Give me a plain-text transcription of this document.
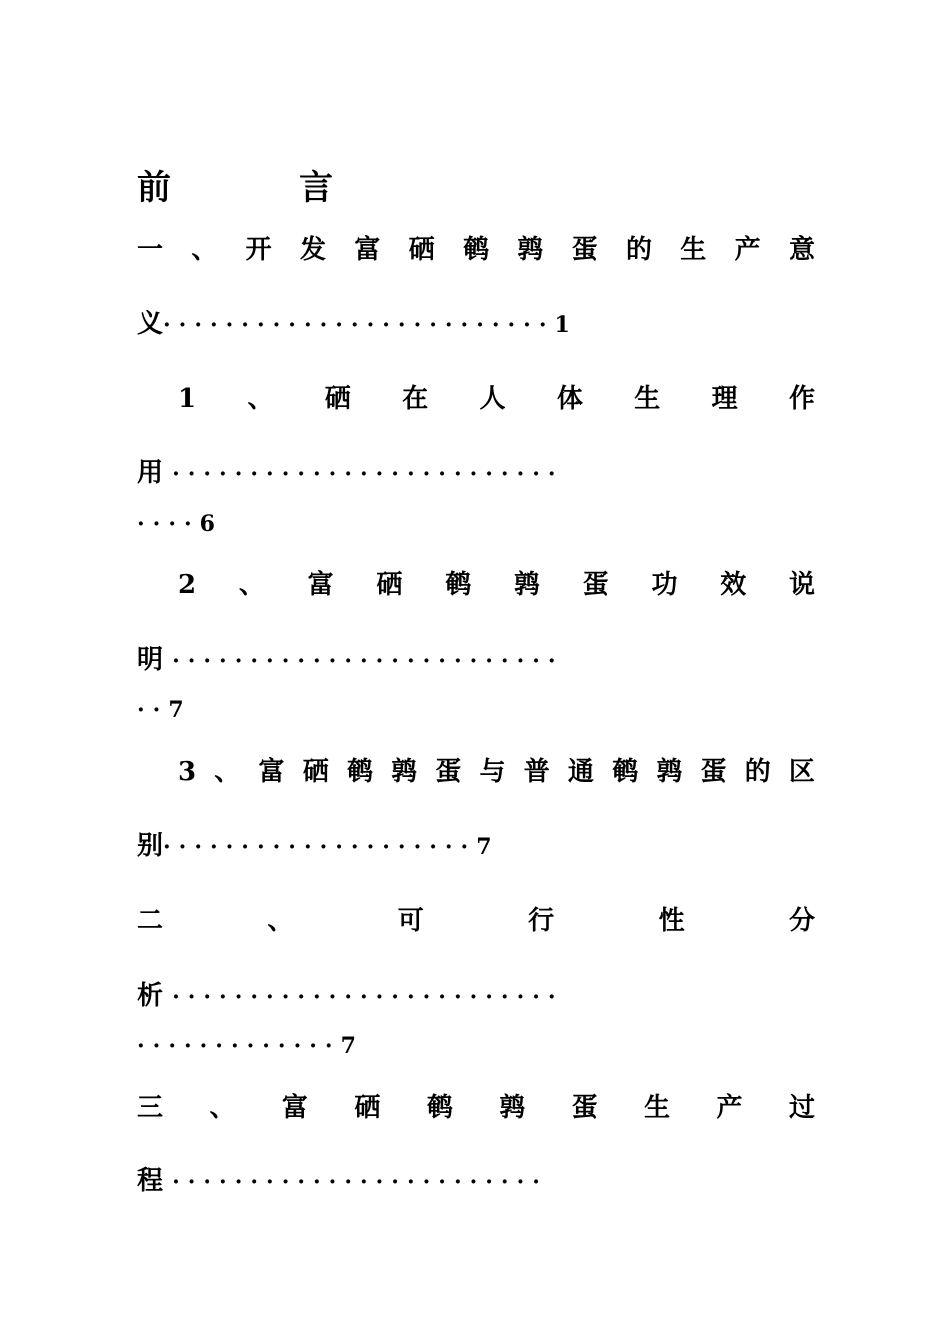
前	言
一 、 开 发 富 硒 鹌 鹑 蛋 的 生 产 意
义·························1
1 、 硒 在 人 体 生 理 作
用 ·························
····6
2 、 富 硒 鹌 鹑 蛋 功 效 说
明 ·························
··7
3 、 富 硒 鹌 鹑 蛋 与 普 通 鹌 鹑 蛋 的 区
别····················7
二	、	可	行	性	分
析 ·························
·············7
三 、 富 硒 鹌 鹑 蛋 生 产 过
程 ························
